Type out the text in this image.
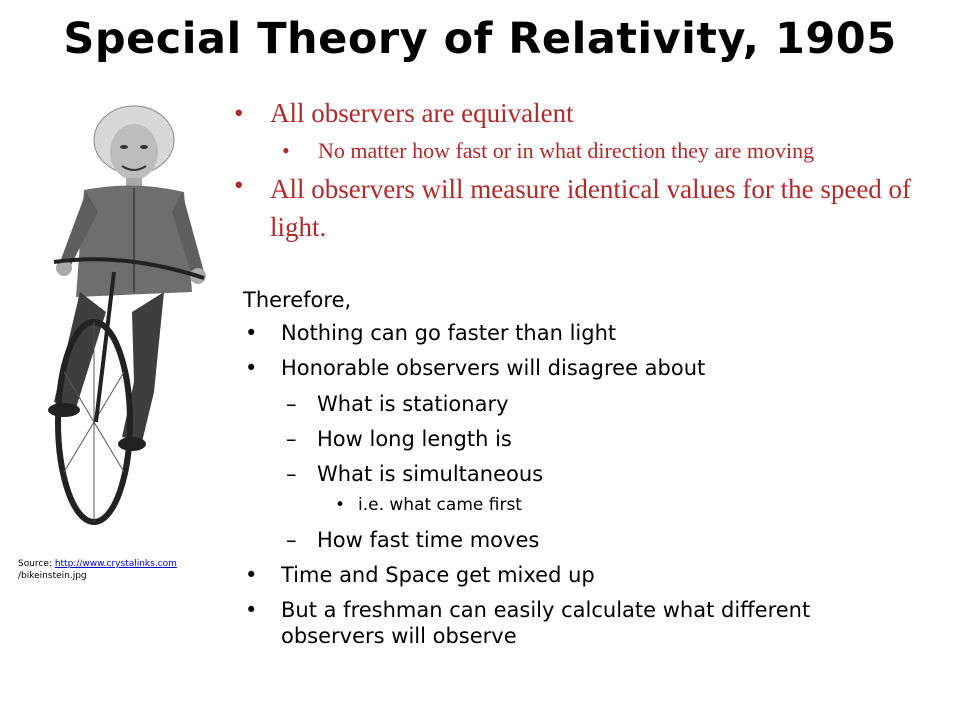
Special Theory of Relativity, 1905
Source: http://www.crystalinks.com
/bikeinstein.jpg
• All observers are equivalent
• No matter how fast or in what direction they are moving
• All observers will measure identical values for the speed of light.
Therefore,
• Nothing can go faster than light
• Honorable observers will disagree about
– What is stationary
– How long length is
– What is simultaneous
• i.e. what came first
– How fast time moves
• Time and Space get mixed up
• But a freshman can easily calculate what different
observers will observe
